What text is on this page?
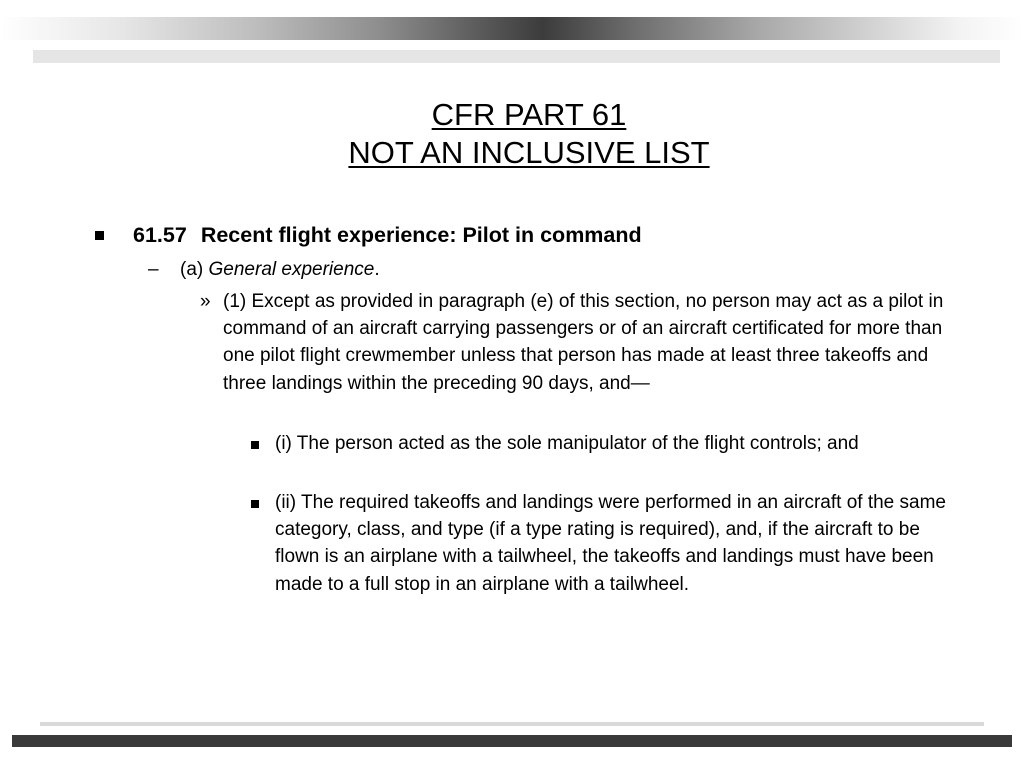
CFR PART 61
NOT AN INCLUSIVE LIST
61.57 Recent flight experience: Pilot in command
– (a) General experience.
» (1) Except as provided in paragraph (e) of this section, no person may act as a pilot in command of an aircraft carrying passengers or of an aircraft certificated for more than one pilot flight crewmember unless that person has made at least three takeoffs and three landings within the preceding 90 days, and—
(i) The person acted as the sole manipulator of the flight controls; and
(ii) The required takeoffs and landings were performed in an aircraft of the same category, class, and type (if a type rating is required), and, if the aircraft to be flown is an airplane with a tailwheel, the takeoffs and landings must have been made to a full stop in an airplane with a tailwheel.
